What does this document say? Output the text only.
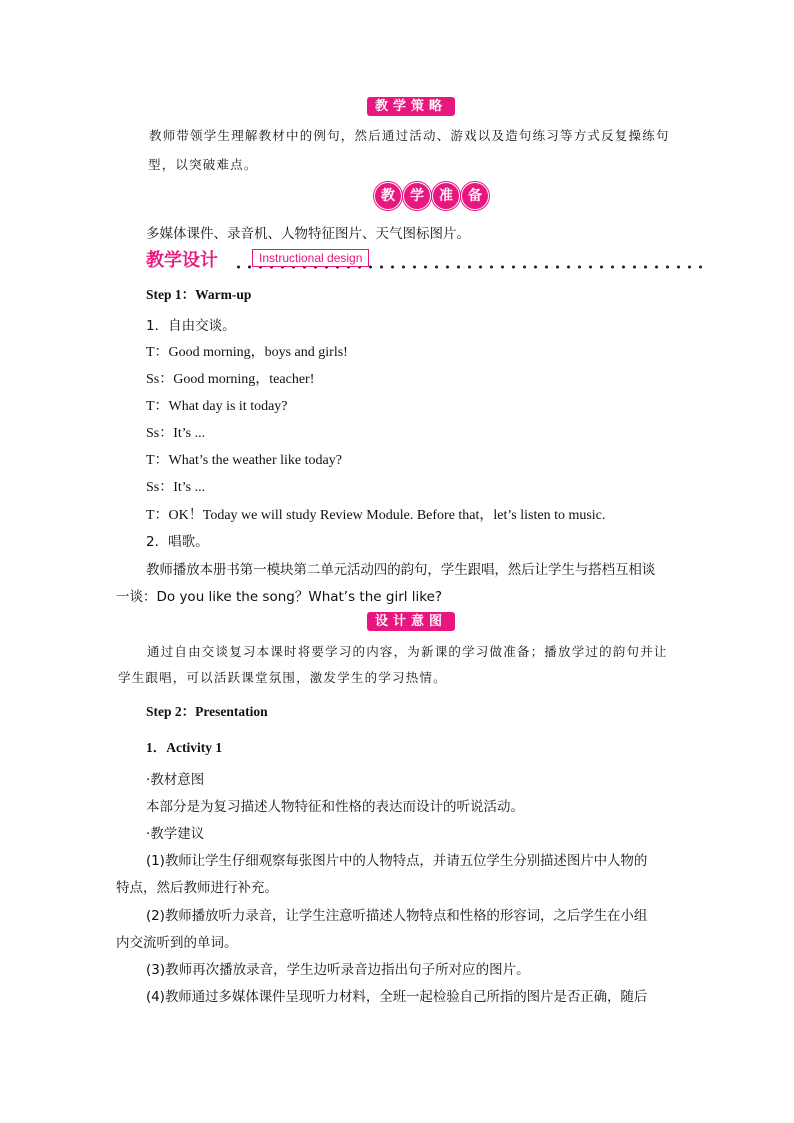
教学策略
教师带领学生理解教材中的例句，然后通过活动、游戏以及造句练习等方式反复操练句
型，以突破难点。
教	学	准	备
多媒体课件、录音机、人物特征图片、天气图标图片。
教学设计	Instructional design
Step 1：Warm-up
1．自由交谈。
T：Good morning，boys and girls!
Ss：Good morning，teacher!
T：What day is it today?
Ss：It’s ...
T：What’s the weather like today?
Ss：It’s ...
T：OK！Today we will study Review Module. Before that，let’s listen to music.
2．唱歌。
教师播放本册书第一模块第二单元活动四的韵句，学生跟唱，然后让学生与搭档互相谈
一谈：Do you like the song？What’s the girl like?
设计意图
通过自由交谈复习本课时将要学习的内容，为新课的学习做准备；播放学过的韵句并让
学生跟唱，可以活跃课堂氛围，激发学生的学习热情。
Step 2：Presentation
1．Activity 1
·教材意图
本部分是为复习描述人物特征和性格的表达而设计的听说活动。
·教学建议
(1)教师让学生仔细观察每张图片中的人物特点，并请五位学生分别描述图片中人物的
特点，然后教师进行补充。
(2)教师播放听力录音，让学生注意听描述人物特点和性格的形容词，之后学生在小组
内交流听到的单词。
(3)教师再次播放录音，学生边听录音边指出句子所对应的图片。
(4)教师通过多媒体课件呈现听力材料，全班一起检验自己所指的图片是否正确，随后
